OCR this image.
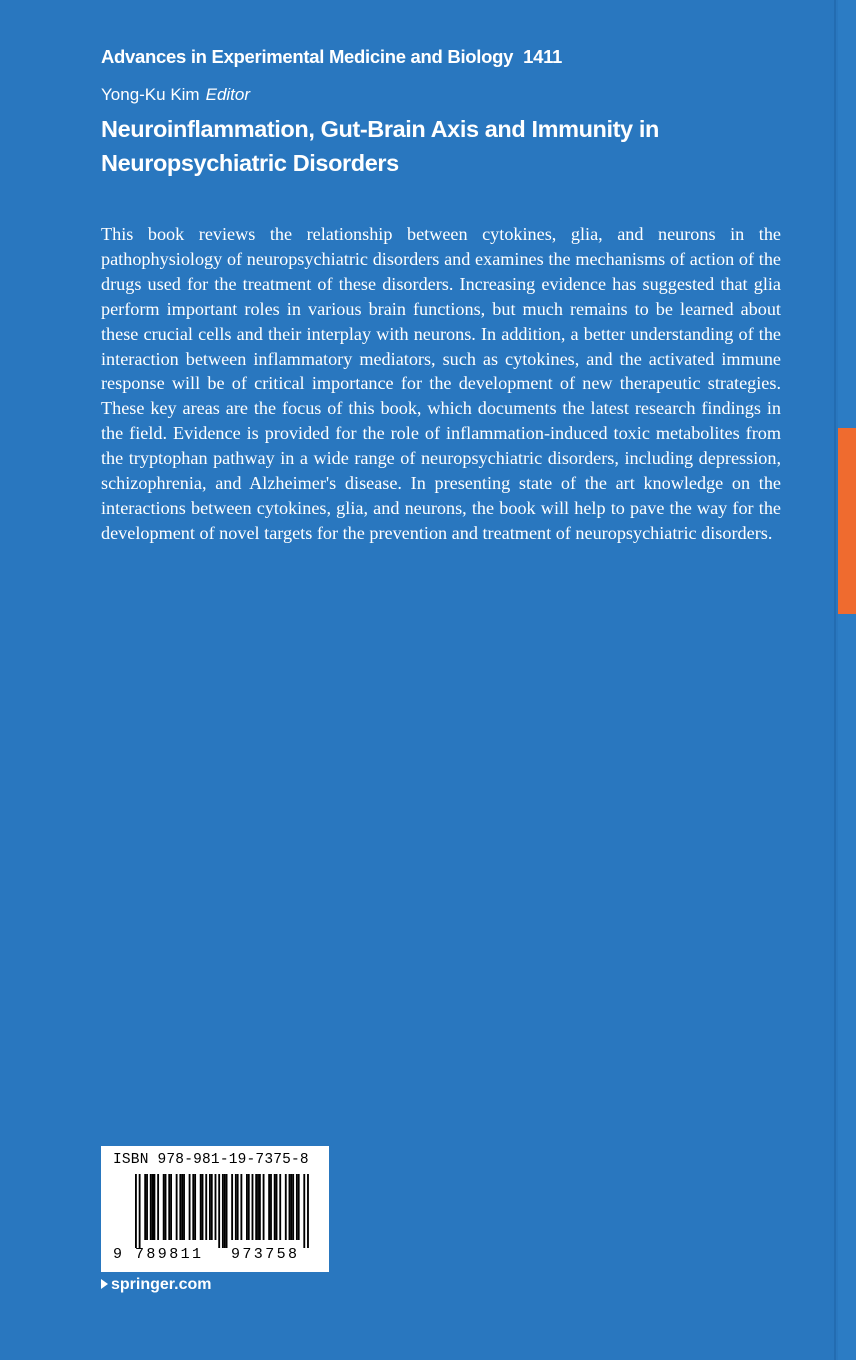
Advances in Experimental Medicine and Biology 1411
Yong-Ku Kim Editor
Neuroinflammation, Gut-Brain Axis and Immunity in
Neuropsychiatric Disorders

This book reviews the relationship between cytokines, glia, and neurons in the pathophysiology of neuropsychiatric disorders and examines the mechanisms of action of the drugs used for the treatment of these disorders. Increasing evidence has suggested that glia perform important roles in various brain functions, but much remains to be learned about these crucial cells and their interplay with neurons. In addition, a better understanding of the interaction between inflammatory mediators, such as cytokines, and the activated immune response will be of critical importance for the development of new therapeutic strategies. These key areas are the focus of this book, which documents the latest research findings in the field. Evidence is provided for the role of inflammation-induced toxic metabolites from the tryptophan pathway in a wide range of neuropsychiatric disorders, including depression, schizophrenia, and Alzheimer's disease. In presenting state of the art knowledge on the interactions between cytokines, glia, and neurons, the book will help to pave the way for the development of novel targets for the prevention and treatment of neuropsychiatric disorders.

ISBN 978-981-19-7375-8
9 789811 973758
springer.com
